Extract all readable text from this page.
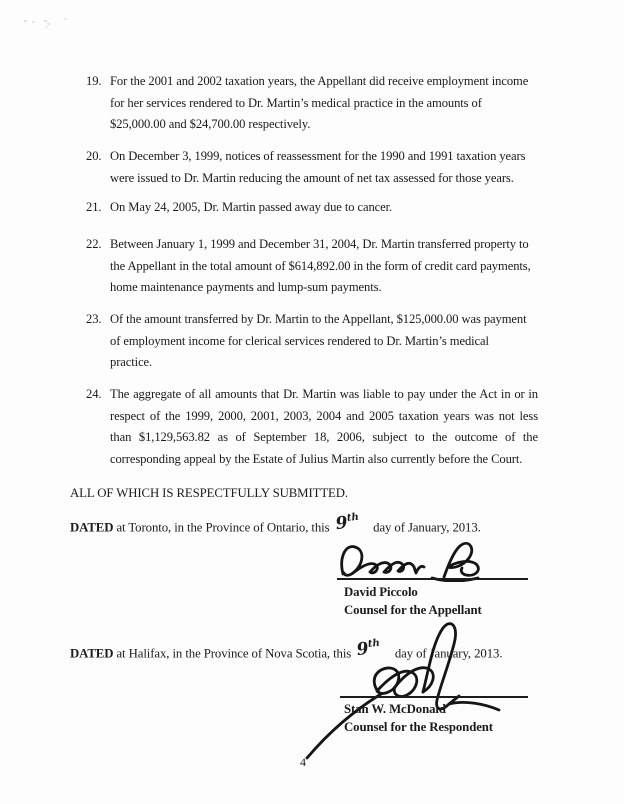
19. For the 2001 and 2002 taxation years, the Appellant did receive employment income
for her services rendered to Dr. Martin’s medical practice in the amounts of
$25,000.00 and $24,700.00 respectively.
20. On December 3, 1999, notices of reassessment for the 1990 and 1991 taxation years
were issued to Dr. Martin reducing the amount of net tax assessed for those years.
21. On May 24, 2005, Dr. Martin passed away due to cancer.
22. Between January 1, 1999 and December 31, 2004, Dr. Martin transferred property to
the Appellant in the total amount of $614,892.00 in the form of credit card payments,
home maintenance payments and lump-sum payments.
23. Of the amount transferred by Dr. Martin to the Appellant, $125,000.00 was payment
of employment income for clerical services rendered to Dr. Martin’s medical
practice.
24. The aggregate of all amounts that Dr. Martin was liable to pay under the Act in or in
respect of the 1999, 2000, 2001, 2003, 2004 and 2005 taxation years was not less
than $1,129,563.82 as of September 18, 2006, subject to the outcome of the
corresponding appeal by the Estate of Julius Martin also currently before the Court.
ALL OF WHICH IS RESPECTFULLY SUBMITTED.
DATED at Toronto, in the Province of Ontario, this 9thday of January, 2013.
David Piccolo
Counsel for the Appellant
DATED at Halifax, in the Province of Nova Scotia, this 9thday of January, 2013.
Stan W. McDonald
Counsel for the Respondent
4
